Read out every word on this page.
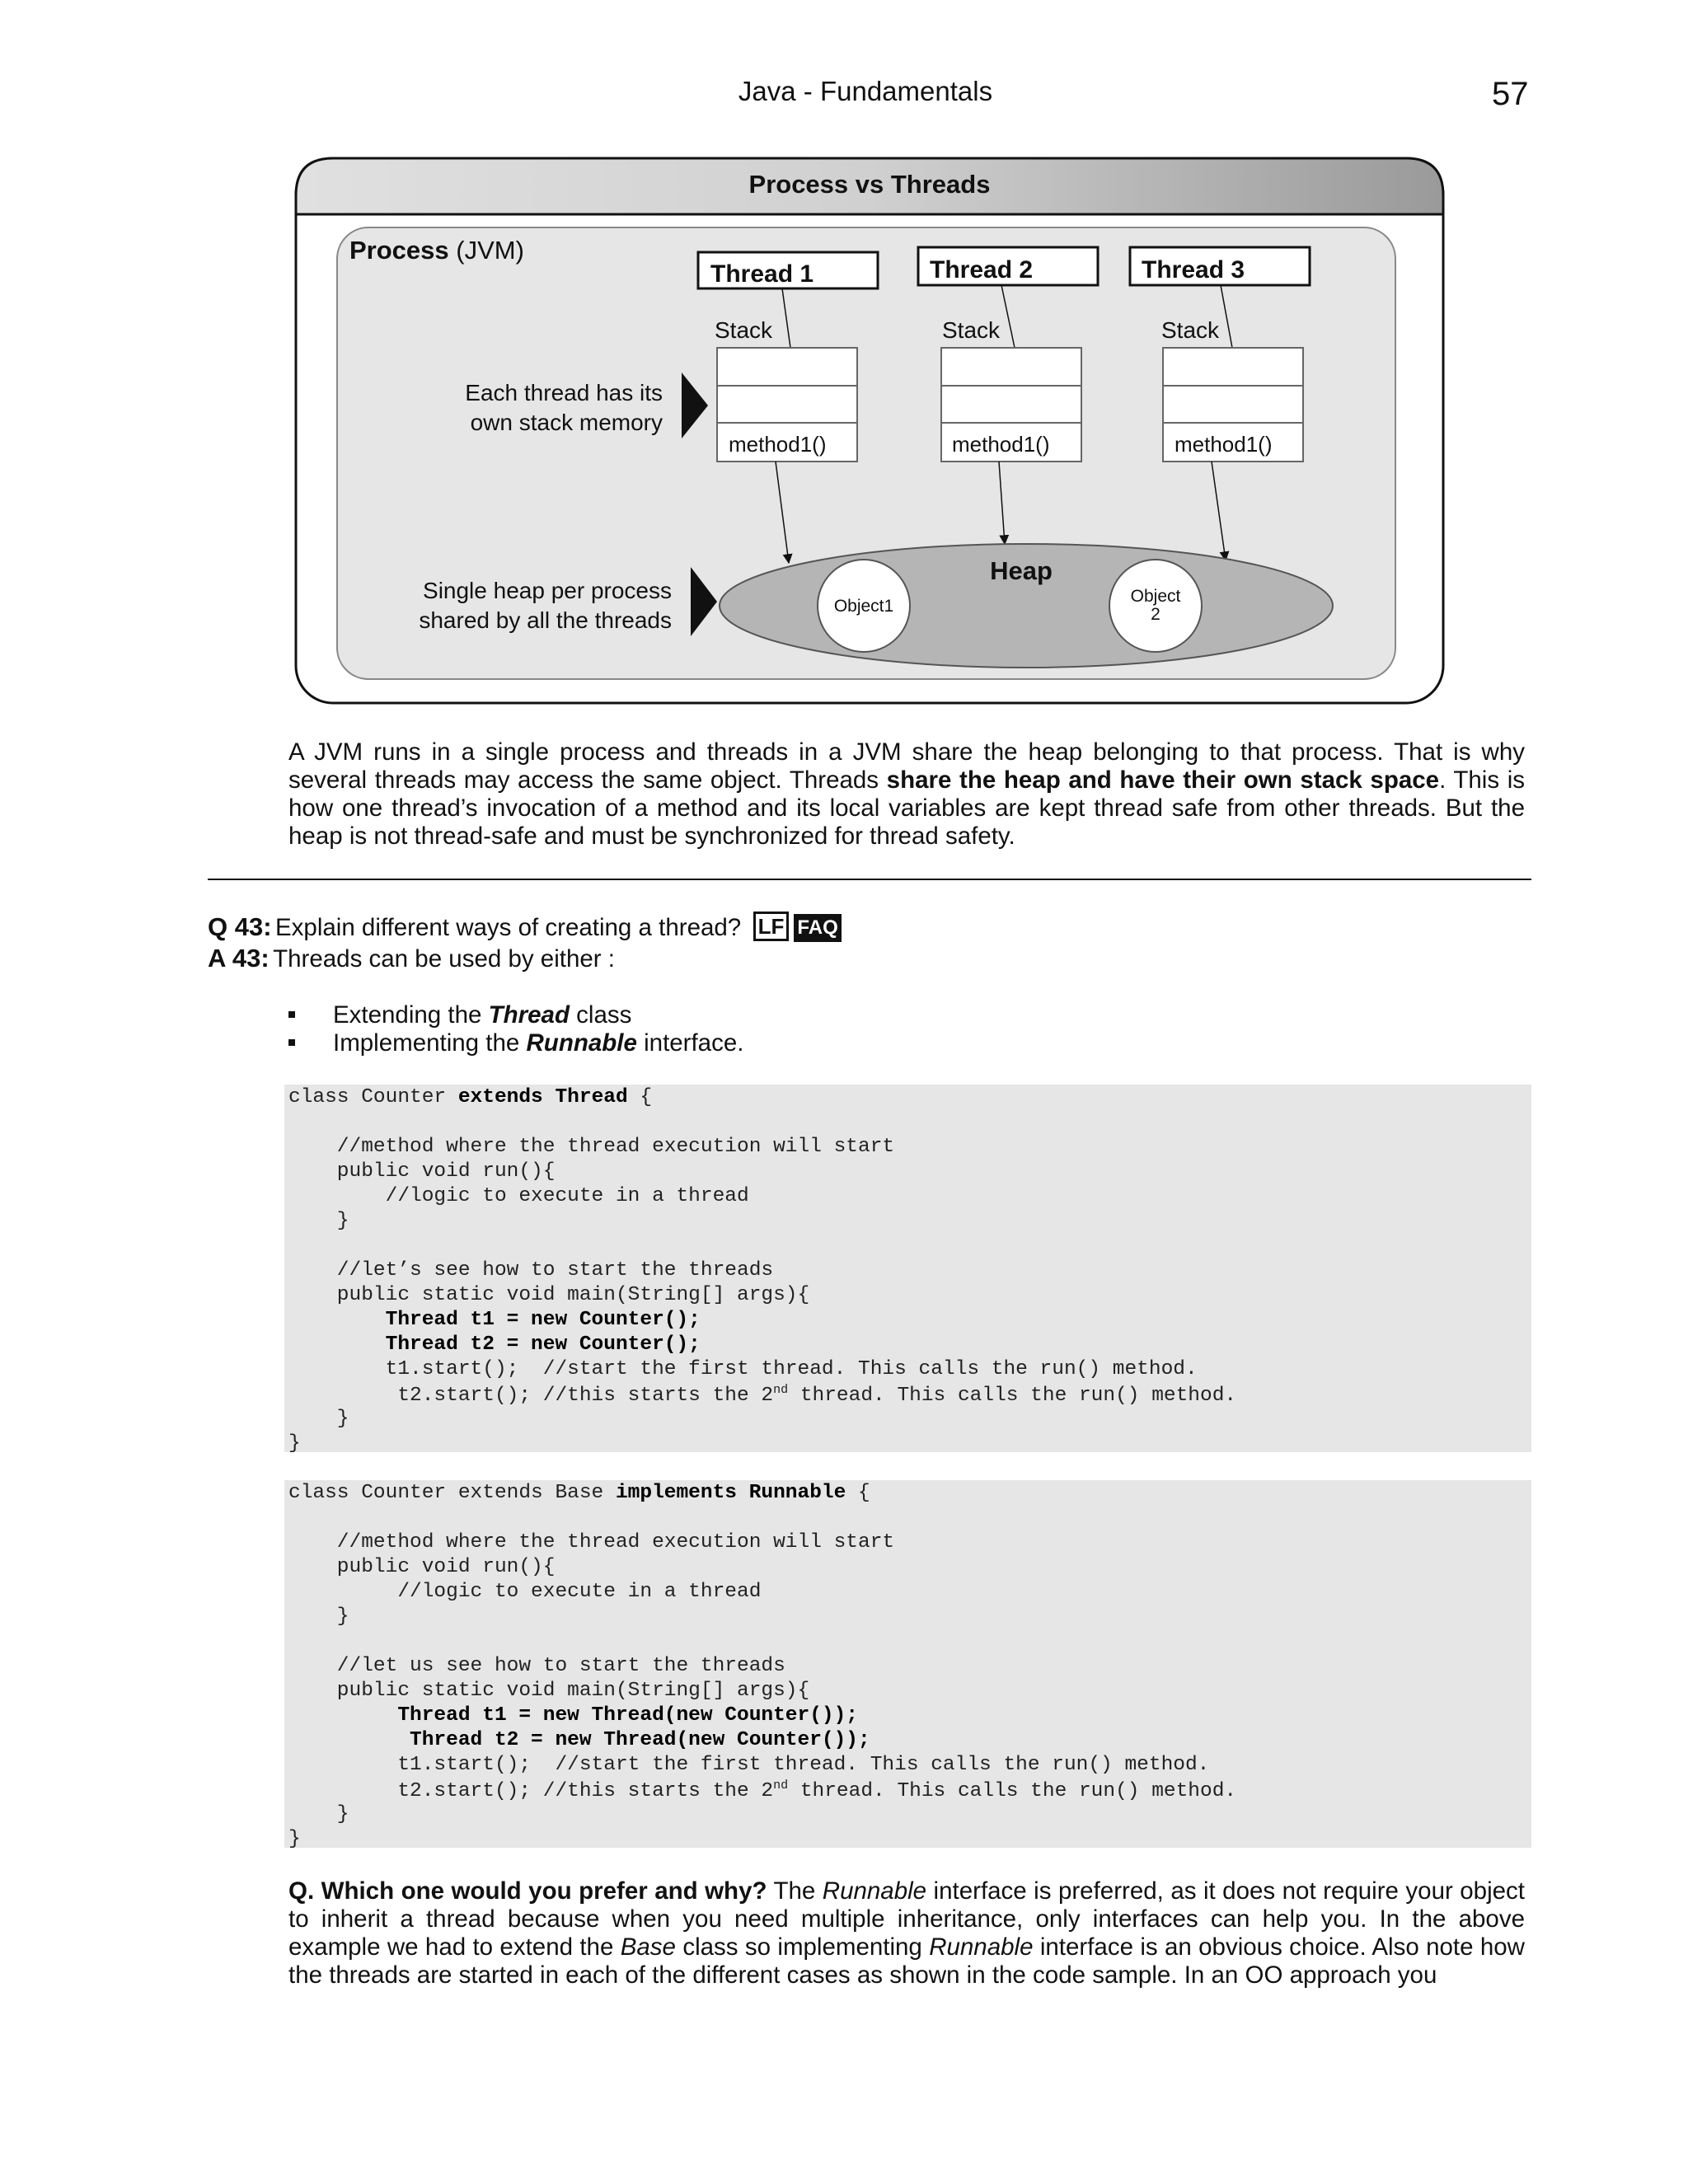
Java - Fundamentals	57
Process vs Threads
Process (JVM)
Thread 1	Thread 2	Thread 3
Stack	Stack	Stack
method1()	method1()	method1()
Each thread has its
own stack memory
Heap
Object1
Object
2
Single heap per process
shared by all the threads
A JVM runs in a single process and threads in a JVM share the heap belonging to that process. That is why several threads may access the same object. Threads share the heap and have their own stack space. This is how one thread’s invocation of a method and its local variables are kept thread safe from other threads. But the heap is not thread-safe and must be synchronized for thread safety.
Q 43: Explain different ways of creating a thread? LF FAQ
A 43: Threads can be used by either :
Extending the Thread class
Implementing the Runnable interface.
class Counter extends Thread {
//method where the thread execution will start
public void run(){
//logic to execute in a thread
}
//let’s see how to start the threads
public static void main(String[] args){
Thread t1 = new Counter();
Thread t2 = new Counter();
t1.start();  //start the first thread. This calls the run() method.
t2.start(); //this starts the 2nd thread. This calls the run() method.
}
}
class Counter extends Base implements Runnable {
//method where the thread execution will start
public void run(){
//logic to execute in a thread
}
//let us see how to start the threads
public static void main(String[] args){
Thread t1 = new Thread(new Counter());
Thread t2 = new Thread(new Counter());
t1.start();  //start the first thread. This calls the run() method.
t2.start(); //this starts the 2nd thread. This calls the run() method.
}
}
Q. Which one would you prefer and why? The Runnable interface is preferred, as it does not require your object to inherit a thread because when you need multiple inheritance, only interfaces can help you. In the above example we had to extend the Base class so implementing Runnable interface is an obvious choice. Also note how the threads are started in each of the different cases as shown in the code sample. In an OO approach you
